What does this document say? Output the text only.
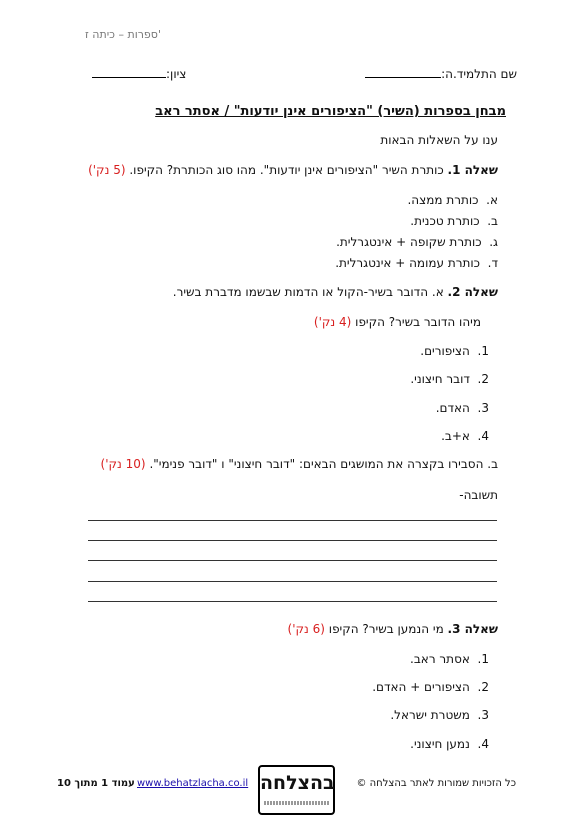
ספרות – כיתה ז'
שם התלמיד.ה:
ציון:
מבחן בספרות (השיר) "הציפורים אינן יודעות" / אסתר ראב
ענו על השאלות הבאות
שאלה 1. כותרת השיר "הציפורים אינן יודעות". מהו סוג הכותרת? הקיפו. (5 נק')
א.  כותרת ממצה.
ב.  כותרת טכנית.
ג.  כותרת שקופה + אינטגרלית.
ד.  כותרת עמומה + אינטגרלית.
שאלה 2. א. הדובר בשיר-הקול או הדמות שבשמו מדברת בשיר.
מיהו הדובר בשיר? הקיפו (4 נק')
1.  הציפורים.
2.  דובר חיצוני.
3.  האדם.
4.  א+ב.
ב. הסבירו בקצרה את המושגים הבאים: "דובר חיצוני" ו "דובר פנימי". (10 נק')
תשובה-
שאלה 3. מי הנמען בשיר? הקיפו (6 נק')
1.  אסתר ראב.
2.  הציפורים + האדם.
3.  משטרת ישראל.
4.  נמען חיצוני.
כל הזכויות שמורות לאתר בהצלחה ©
בהצלחה
www.behatzlacha.co.il
עמוד 1 מתוך 10
